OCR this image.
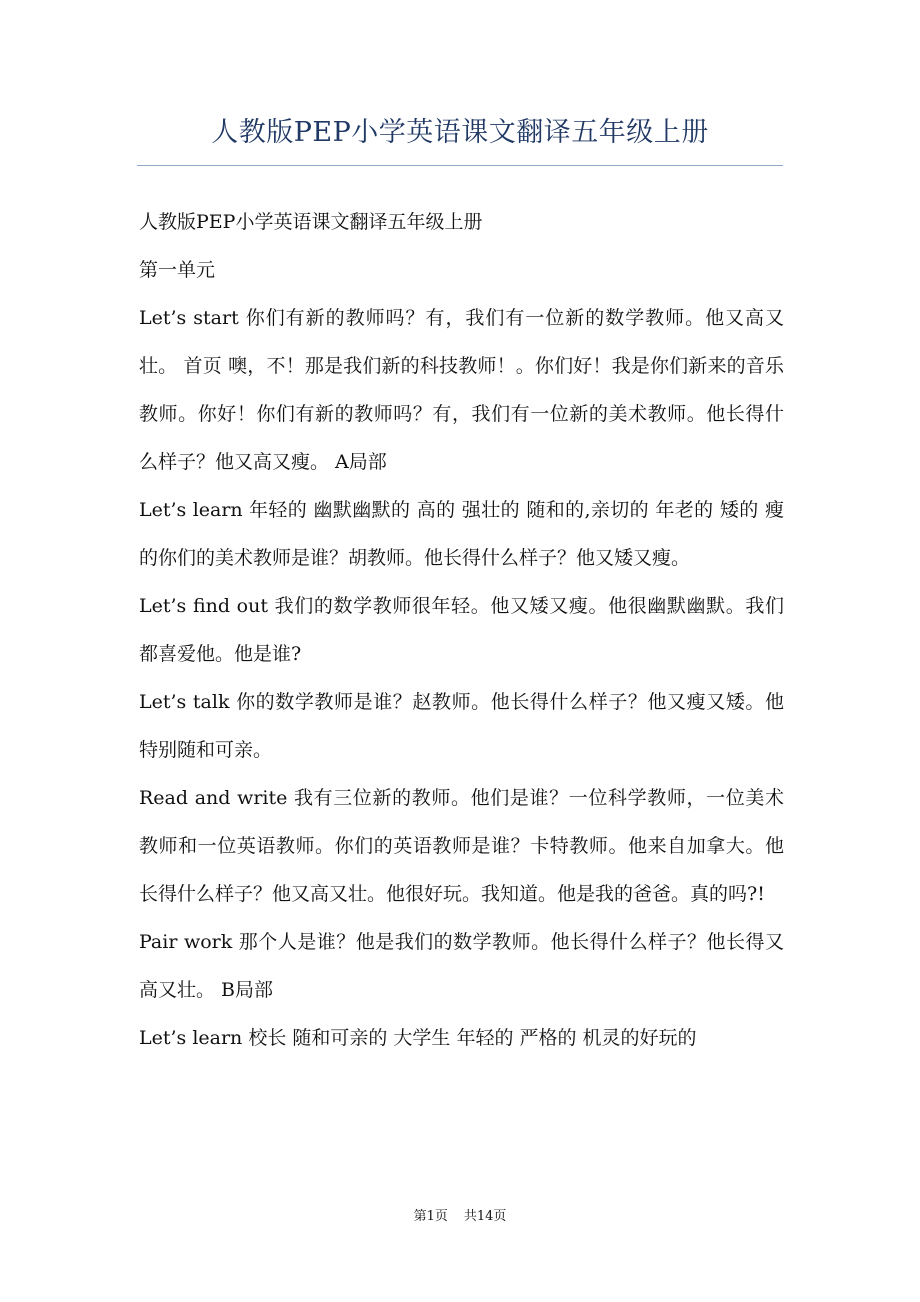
人教版PEP小学英语课文翻译五年级上册

人教版PEP小学英语课文翻译五年级上册

第一单元

Let’s start 你们有新的教师吗？有，我们有一位新的数学教师。他又高又壮。 首页 噢，不！那是我们新的科技教师！。你们好！我是你们新来的音乐教师。你好！你们有新的教师吗？有，我们有一位新的美术教师。他长得什么样子？他又高又瘦。 A局部

Let’s learn 年轻的 幽默幽默的 高的 强壮的 随和的,亲切的 年老的 矮的 瘦的你们的美术教师是谁？胡教师。他长得什么样子？他又矮又瘦。

Let’s find out 我们的数学教师很年轻。他又矮又瘦。他很幽默幽默。我们都喜爱他。他是谁?

Let’s talk 你的数学教师是谁？赵教师。他长得什么样子？他又瘦又矮。他特别随和可亲。

Read and write 我有三位新的教师。他们是谁？一位科学教师，一位美术教师和一位英语教师。你们的英语教师是谁？卡特教师。他来自加拿大。他长得什么样子？他又高又壮。他很好玩。我知道。他是我的爸爸。真的吗?!

Pair work 那个人是谁？他是我们的数学教师。他长得什么样子？他长得又高又壮。 B局部

Let’s learn 校长 随和可亲的 大学生 年轻的 严格的 机灵的好玩的

第1页 共14页
